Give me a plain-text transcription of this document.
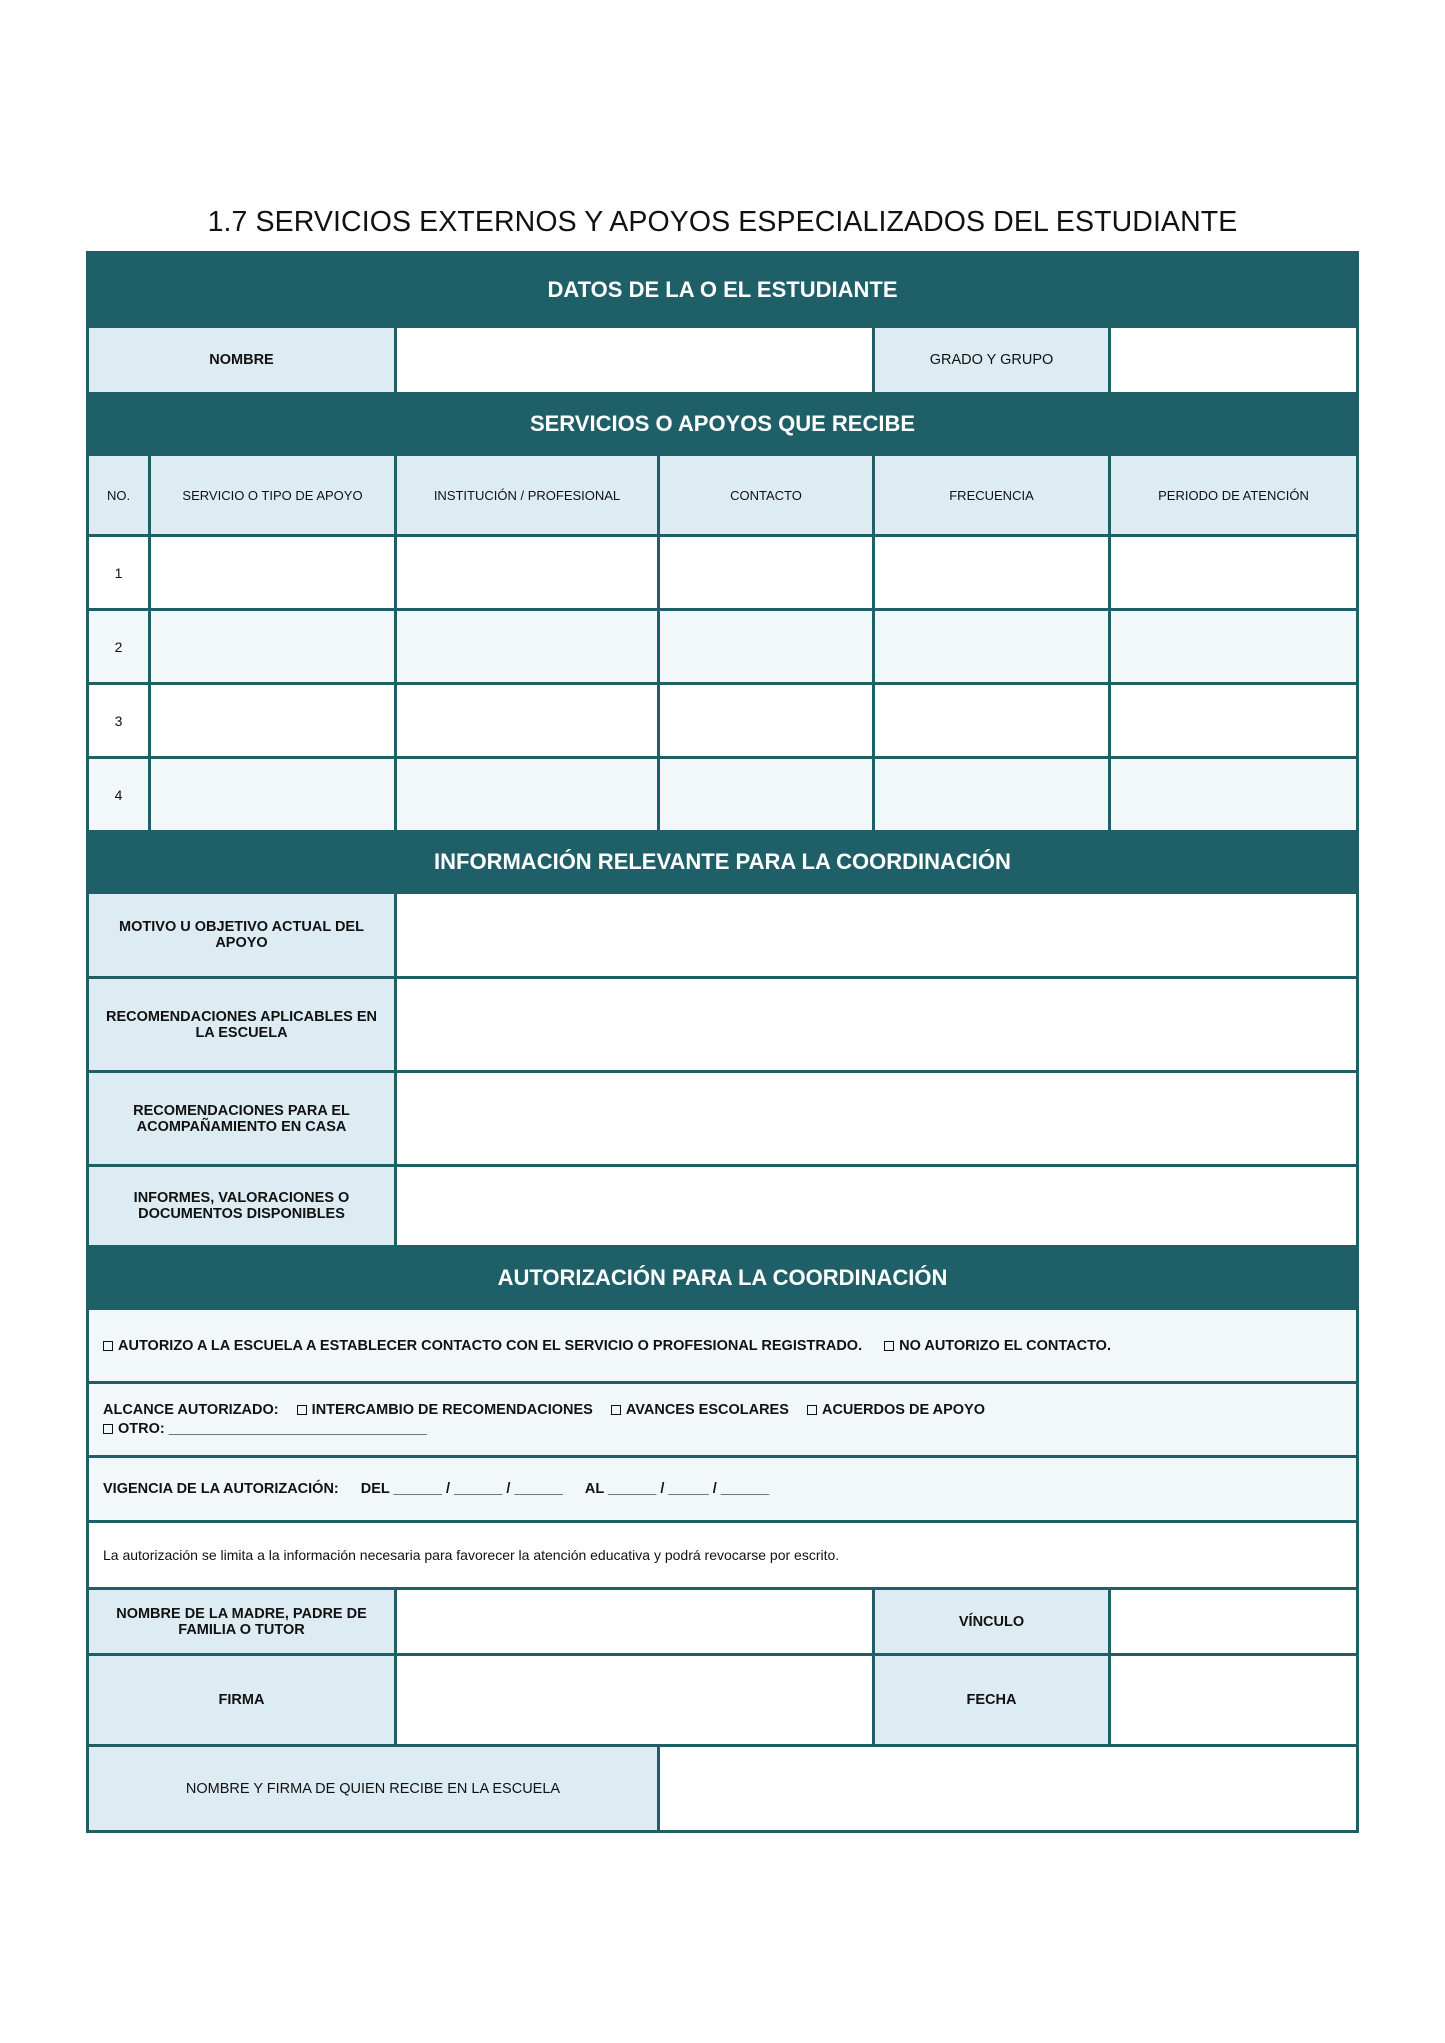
1.7 SERVICIOS EXTERNOS Y APOYOS ESPECIALIZADOS DEL ESTUDIANTE
DATOS DE LA O EL ESTUDIANTE
NOMBRE	GRADO Y GRUPO
SERVICIOS O APOYOS QUE RECIBE
NO.	SERVICIO O TIPO DE APOYO	INSTITUCIÓN / PROFESIONAL	CONTACTO	FRECUENCIA	PERIODO DE ATENCIÓN
1
2
3
4
INFORMACIÓN RELEVANTE PARA LA COORDINACIÓN
MOTIVO U OBJETIVO ACTUAL DEL APOYO
RECOMENDACIONES APLICABLES EN LA ESCUELA
RECOMENDACIONES PARA EL ACOMPAÑAMIENTO EN CASA
INFORMES, VALORACIONES O DOCUMENTOS DISPONIBLES
AUTORIZACIÓN PARA LA COORDINACIÓN
AUTORIZO A LA ESCUELA A ESTABLECER CONTACTO CON EL SERVICIO O PROFESIONAL REGISTRADO.	NO AUTORIZO EL CONTACTO.
ALCANCE AUTORIZADO: INTERCAMBIO DE RECOMENDACIONES AVANCES ESCOLARES ACUERDOS DE APOYO
OTRO: ________________________________
VIGENCIA DE LA AUTORIZACIÓN: DEL ______ / ______ / ______ AL ______ / _____ / ______
La autorización se limita a la información necesaria para favorecer la atención educativa y podrá revocarse por escrito.
NOMBRE DE LA MADRE, PADRE DE FAMILIA O TUTOR	VÍNCULO
FIRMA	FECHA
NOMBRE Y FIRMA DE QUIEN RECIBE EN LA ESCUELA
